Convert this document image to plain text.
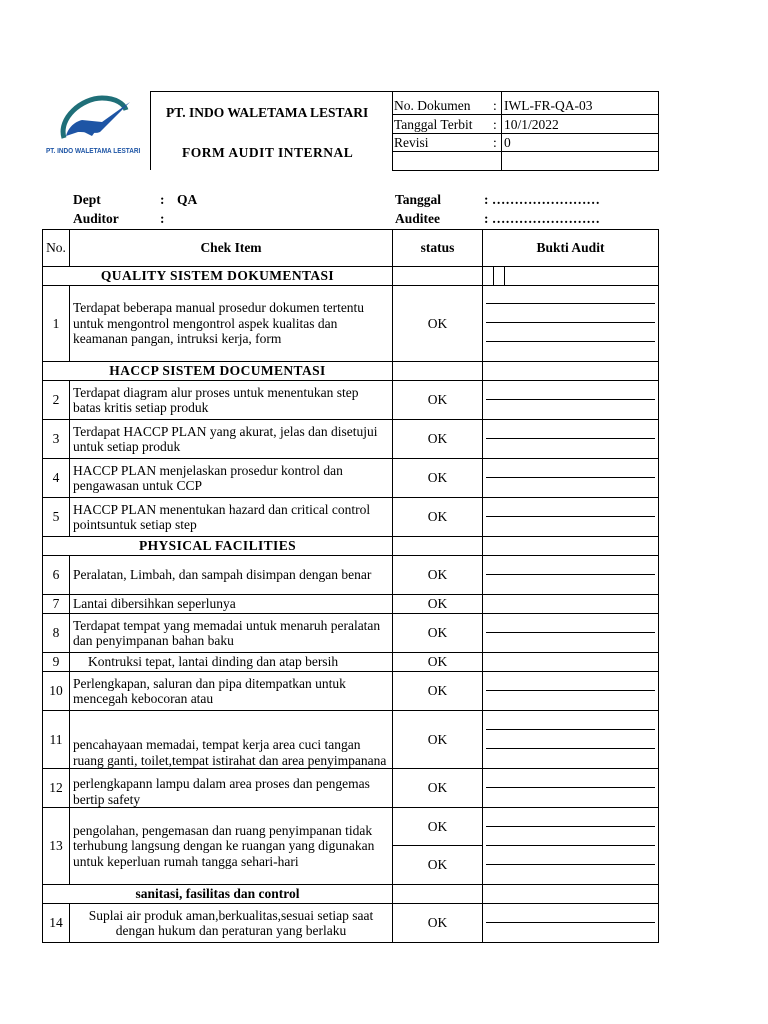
PT. INDO WALETAMA LESTARI
PT. INDO WALETAMA LESTARI
FORM AUDIT INTERNAL
No. Dokumen : IWL-FR-QA-03
Tanggal Terbit : 10/1/2022
Revisi	: 0
Dept	: QA
Auditor	:
Tanggal	: ……………………
Auditee	: ……………………
No.	Chek Item	status	Bukti Audit
QUALITY SISTEM DOKUMENTASI			

1	Terdapat beberapa manual prosedur dokumen tertentu untuk mengontrol mengontrol aspek kualitas dan keamanan pangan, intruksi kerja, form	OK	

HACCP SISTEM DOCUMENTASI			
2	Terdapat diagram alur proses untuk menentukan step batas kritis setiap produk	OK	

3	Terdapat HACCP PLAN yang akurat, jelas dan disetujui untuk setiap produk	OK	

4	HACCP PLAN menjelaskan prosedur kontrol dan pengawasan untuk CCP	OK	

5	HACCP PLAN menentukan hazard dan critical control pointsuntuk setiap step	OK	

PHYSICAL FACILITIES			
6	Peralatan, Limbah, dan sampah disimpan dengan benar	OK	

7	Lantai dibersihkan seperlunya	OK	
8	Terdapat tempat yang memadai untuk menaruh peralatan dan penyimpanan bahan baku	OK	

9	Kontruksi tepat, lantai dinding dan atap bersih	OK	
10	Perlengkapan, saluran dan pipa ditempatkan untuk mencegah kebocoran atau	OK	

11	pencahayaan memadai, tempat kerja area cuci tangan ruang ganti, toilet,tempat istirahat dan area penyimpanana	OK	

12	perlengkapann lampu dalam area proses dan pengemas bertip safety	OK	

13	pengolahan, pengemasan dan ruang penyimpanan tidak terhubung langsung dengan ke ruangan yang digunakan untuk keperluan rumah tangga sehari-hari	OK
OK	

sanitasi, fasilitas dan control			
14	Suplai air produk aman,berkualitas,sesuai setiap saat dengan hukum dan peraturan yang berlaku	OK	
